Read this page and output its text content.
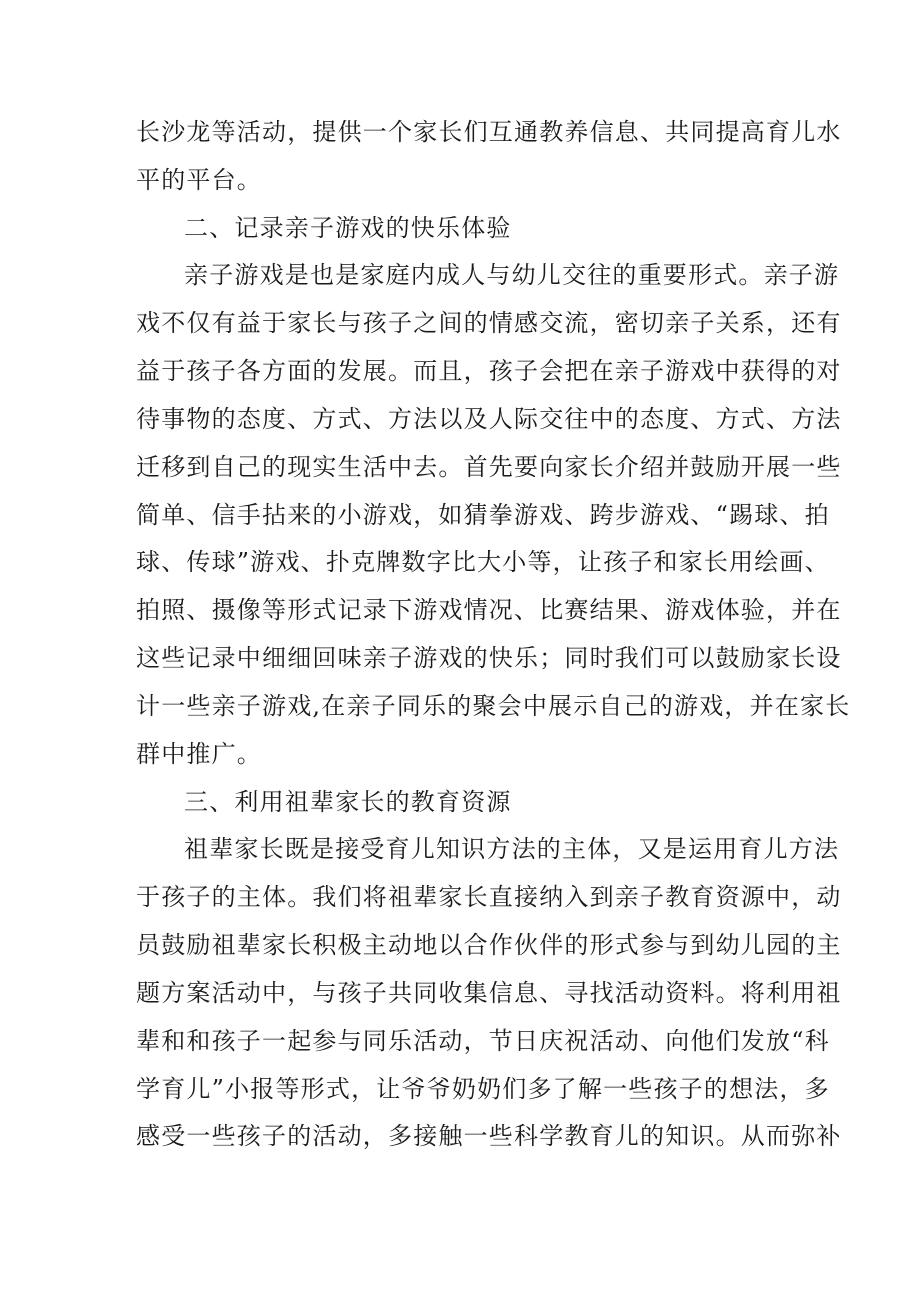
长沙龙等活动，提供一个家长们互通教养信息、共同提高育儿水
平的平台。
二、记录亲子游戏的快乐体验
亲子游戏是也是家庭内成人与幼儿交往的重要形式。亲子游
戏不仅有益于家长与孩子之间的情感交流，密切亲子关系，还有
益于孩子各方面的发展。而且，孩子会把在亲子游戏中获得的对
待事物的态度、方式、方法以及人际交往中的态度、方式、方法
迁移到自己的现实生活中去。首先要向家长介绍并鼓励开展一些
简单、信手拈来的小游戏，如猜拳游戏、跨步游戏、“踢球、拍
球、传球”游戏、扑克牌数字比大小等，让孩子和家长用绘画、
拍照、摄像等形式记录下游戏情况、比赛结果、游戏体验，并在
这些记录中细细回味亲子游戏的快乐；同时我们可以鼓励家长设
计一些亲子游戏,在亲子同乐的聚会中展示自己的游戏，并在家长
群中推广。
三、利用祖辈家长的教育资源
祖辈家长既是接受育儿知识方法的主体，又是运用育儿方法
于孩子的主体。我们将祖辈家长直接纳入到亲子教育资源中，动
员鼓励祖辈家长积极主动地以合作伙伴的形式参与到幼儿园的主
题方案活动中，与孩子共同收集信息、寻找活动资料。将利用祖
辈和和孩子一起参与同乐活动，节日庆祝活动、向他们发放“科
学育儿”小报等形式，让爷爷奶奶们多了解一些孩子的想法，多
感受一些孩子的活动，多接触一些科学教育儿的知识。从而弥补
